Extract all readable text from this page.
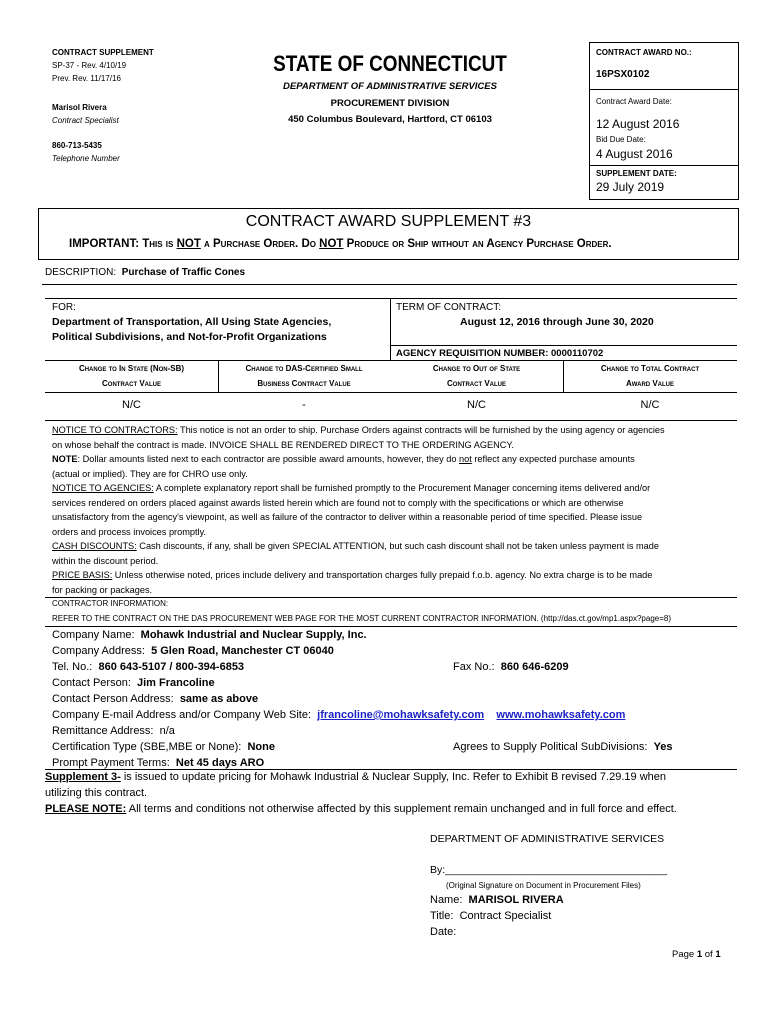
CONTRACT SUPPLEMENT
SP-37 - Rev. 4/10/19
Prev. Rev. 11/17/16
Marisol Rivera
Contract Specialist
860-713-5435
Telephone Number
STATE OF CONNECTICUT
DEPARTMENT OF ADMINISTRATIVE SERVICES
PROCUREMENT DIVISION
450 Columbus Boulevard, Hartford, CT 06103
CONTRACT AWARD NO.:
16PSX0102
Contract Award Date:
12 August 2016
Bid Due Date:
4 August 2016
SUPPLEMENT DATE:
29 July 2019
CONTRACT AWARD SUPPLEMENT #3
IMPORTANT: This is NOT a Purchase Order. Do NOT Produce or Ship without an Agency Purchase Order.
DESCRIPTION: Purchase of Traffic Cones
FOR:
Department of Transportation, All Using State Agencies,
Political Subdivisions, and Not-for-Profit Organizations
TERM OF CONTRACT:
August 12, 2016 through June 30, 2020
AGENCY REQUISITION NUMBER: 0000110702
Change to In State (Non-SB)
Contract Value
Change to DAS-Certified Small
Business Contract Value
Change to Out of State
Contract Value
Change to Total Contract
Award Value
N/C	-	N/C	N/C
NOTICE TO CONTRACTORS: This notice is not an order to ship. Purchase Orders against contracts will be furnished by the using agency or agencies
on whose behalf the contract is made. INVOICE SHALL BE RENDERED DIRECT TO THE ORDERING AGENCY.
NOTE: Dollar amounts listed next to each contractor are possible award amounts, however, they do not reflect any expected purchase amounts
(actual or implied). They are for CHRO use only.
NOTICE TO AGENCIES: A complete explanatory report shall be furnished promptly to the Procurement Manager concerning items delivered and/or
services rendered on orders placed against awards listed herein which are found not to comply with the specifications or which are otherwise
unsatisfactory from the agency's viewpoint, as well as failure of the contractor to deliver within a reasonable period of time specified. Please issue
orders and process invoices promptly.
CASH DISCOUNTS: Cash discounts, if any, shall be given SPECIAL ATTENTION, but such cash discount shall not be taken unless payment is made
within the discount period.
PRICE BASIS: Unless otherwise noted, prices include delivery and transportation charges fully prepaid f.o.b. agency. No extra charge is to be made
for packing or packages.
CONTRACTOR INFORMATION:
REFER TO THE CONTRACT ON THE DAS PROCUREMENT WEB PAGE FOR THE MOST CURRENT CONTRACTOR INFORMATION. (http://das.ct.gov/mp1.aspx?page=8)
Company Name: Mohawk Industrial and Nuclear Supply, Inc.
Company Address: 5 Glen Road, Manchester CT 06040
Tel. No.: 860 643-5107 / 800-394-6853	Fax No.: 860 646-6209
Contact Person: Jim Francoline
Contact Person Address: same as above
Company E-mail Address and/or Company Web Site: jfrancoline@mohawksafety.com www.mohawksafety.com
Remittance Address: n/a
Certification Type (SBE,MBE or None): None	Agrees to Supply Political SubDivisions: Yes
Prompt Payment Terms: Net 45 days ARO
Supplement 3- is issued to update pricing for Mohawk Industrial & Nuclear Supply, Inc. Refer to Exhibit B revised 7.29.19 when
utilizing this contract.
PLEASE NOTE: All terms and conditions not otherwise affected by this supplement remain unchanged and in full force and effect.
DEPARTMENT OF ADMINISTRATIVE SERVICES
By:______________________________________
(Original Signature on Document in Procurement Files)
Name: MARISOL RIVERA
Title: Contract Specialist
Date:
Page 1 of 1
